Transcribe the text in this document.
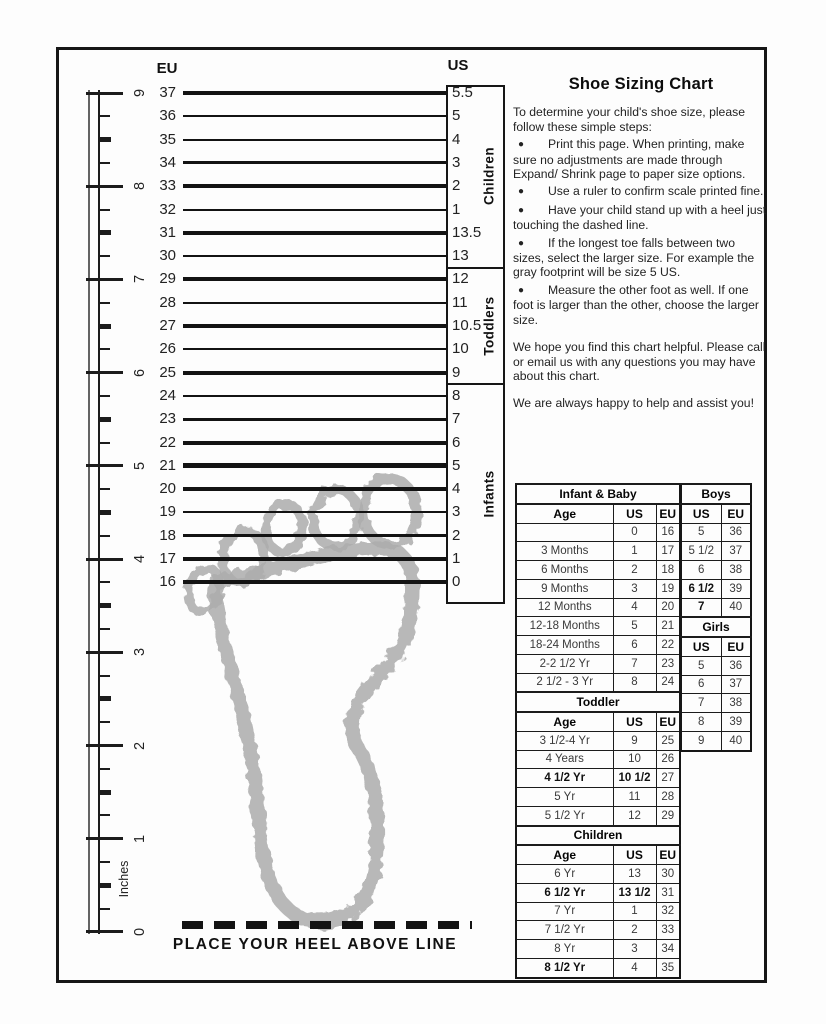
EU	US
37	5.5
36	5
35	4
34	3
33	2
32	1
31	13.5
30	13
29	12
28	11
27	10.5
26	10
25	9
24	8
23	7
22	6
21	5
20	4
19	3
18	2
17	1
16	0
9
8
7
6
5
4
3
2
1
0
Children
Toddlers
Infants
Inches
PLACE YOUR HEEL ABOVE LINE
Shoe Sizing Chart

To determine your child's shoe size, please follow these simple steps:

● Print this page. When printing, make sure no adjustments are made through Expand/ Shrink page to paper size options.

● Use a ruler to confirm scale printed fine.

● Have your child stand up with a heel just touching the dashed line.

● If the longest toe falls between two sizes, select the larger size. For example the gray footprint will be size 5 US.

● Measure the other foot as well. If one foot is larger than the other, choose the larger size.

We hope you find this chart helpful. Please call or email us with any questions you may have about this chart.

We are always happy to help and assist you!

Infant & Baby		
Age	US	EU
	0	16
3 Months	1	17
6 Months	2	18
9 Months	3	19
12 Months	4	20
12-18 Months	5	21
18-24 Months	6	22
2-2 1/2 Yr	7	23
2 1/2 - 3 Yr	8	24
Toddler		
Age	US	EU
3 1/2-4 Yr	9	25
4 Years	10	26
4 1/2 Yr	10 1/2	27
5 Yr	11	28
5 1/2 Yr	12	29
Children		
Age	US	EU
6 Yr	13	30
6 1/2 Yr	13 1/2	31
7 Yr	1	32
7 1/2 Yr	2	33
8 Yr	3	34
8 1/2 Yr	4	35
Boys	
US	EU
5	36
5 1/2	37
6	38
6 1/2	39
7	40
Girls	
US	EU
5	36
6	37
7	38
8	39
9	40
